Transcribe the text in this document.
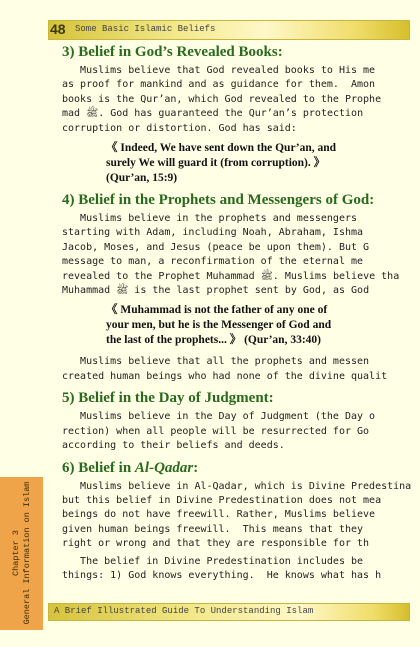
48 Some Basic Islamic Beliefs
3) Belief in God’s Revealed Books:

Muslims believe that God revealed books to His me
as proof for mankind and as guidance for them.  Amon
books is the Qur’an, which God revealed to the Prophe
mad ﷺ. God has guaranteed the Qur’an’s protection
corruption or distortion. God has said:

《 Indeed, We have sent down the Qur’an, and
surely We will guard it (from corruption). 》
(Qur’an, 15:9)
4) Belief in the Prophets and Messengers of God:

Muslims believe in the prophets and messengers
starting with Adam, including Noah, Abraham, Ishma
Jacob, Moses, and Jesus (peace be upon them). But G
message to man, a reconfirmation of the eternal me
revealed to the Prophet Muhammad ﷺ. Muslims believe tha
Muhammad ﷺ is the last prophet sent by God, as God

《 Muhammad is not the father of any one of
your men, but he is the Messenger of God and
the last of the prophets... 》 (Qur’an, 33:40)

Muslims believe that all the prophets and messen
created human beings who had none of the divine qualit

5) Belief in the Day of Judgment:

Muslims believe in the Day of Judgment (the Day o
rection) when all people will be resurrected for Go
according to their beliefs and deeds.

6) Belief in Al-Qadar:

Muslims believe in Al-Qadar, which is Divine Predestina
but this belief in Divine Predestination does not mea
beings do not have freewill. Rather, Muslims believe
given human beings freewill.  This means that they
right or wrong and that they are responsible for th

The belief in Divine Predestination includes be
things: 1) God knows everything.  He knows what has h

Chapter 3 General Information on Islam A Brief Illustrated Guide To Understanding Islam
